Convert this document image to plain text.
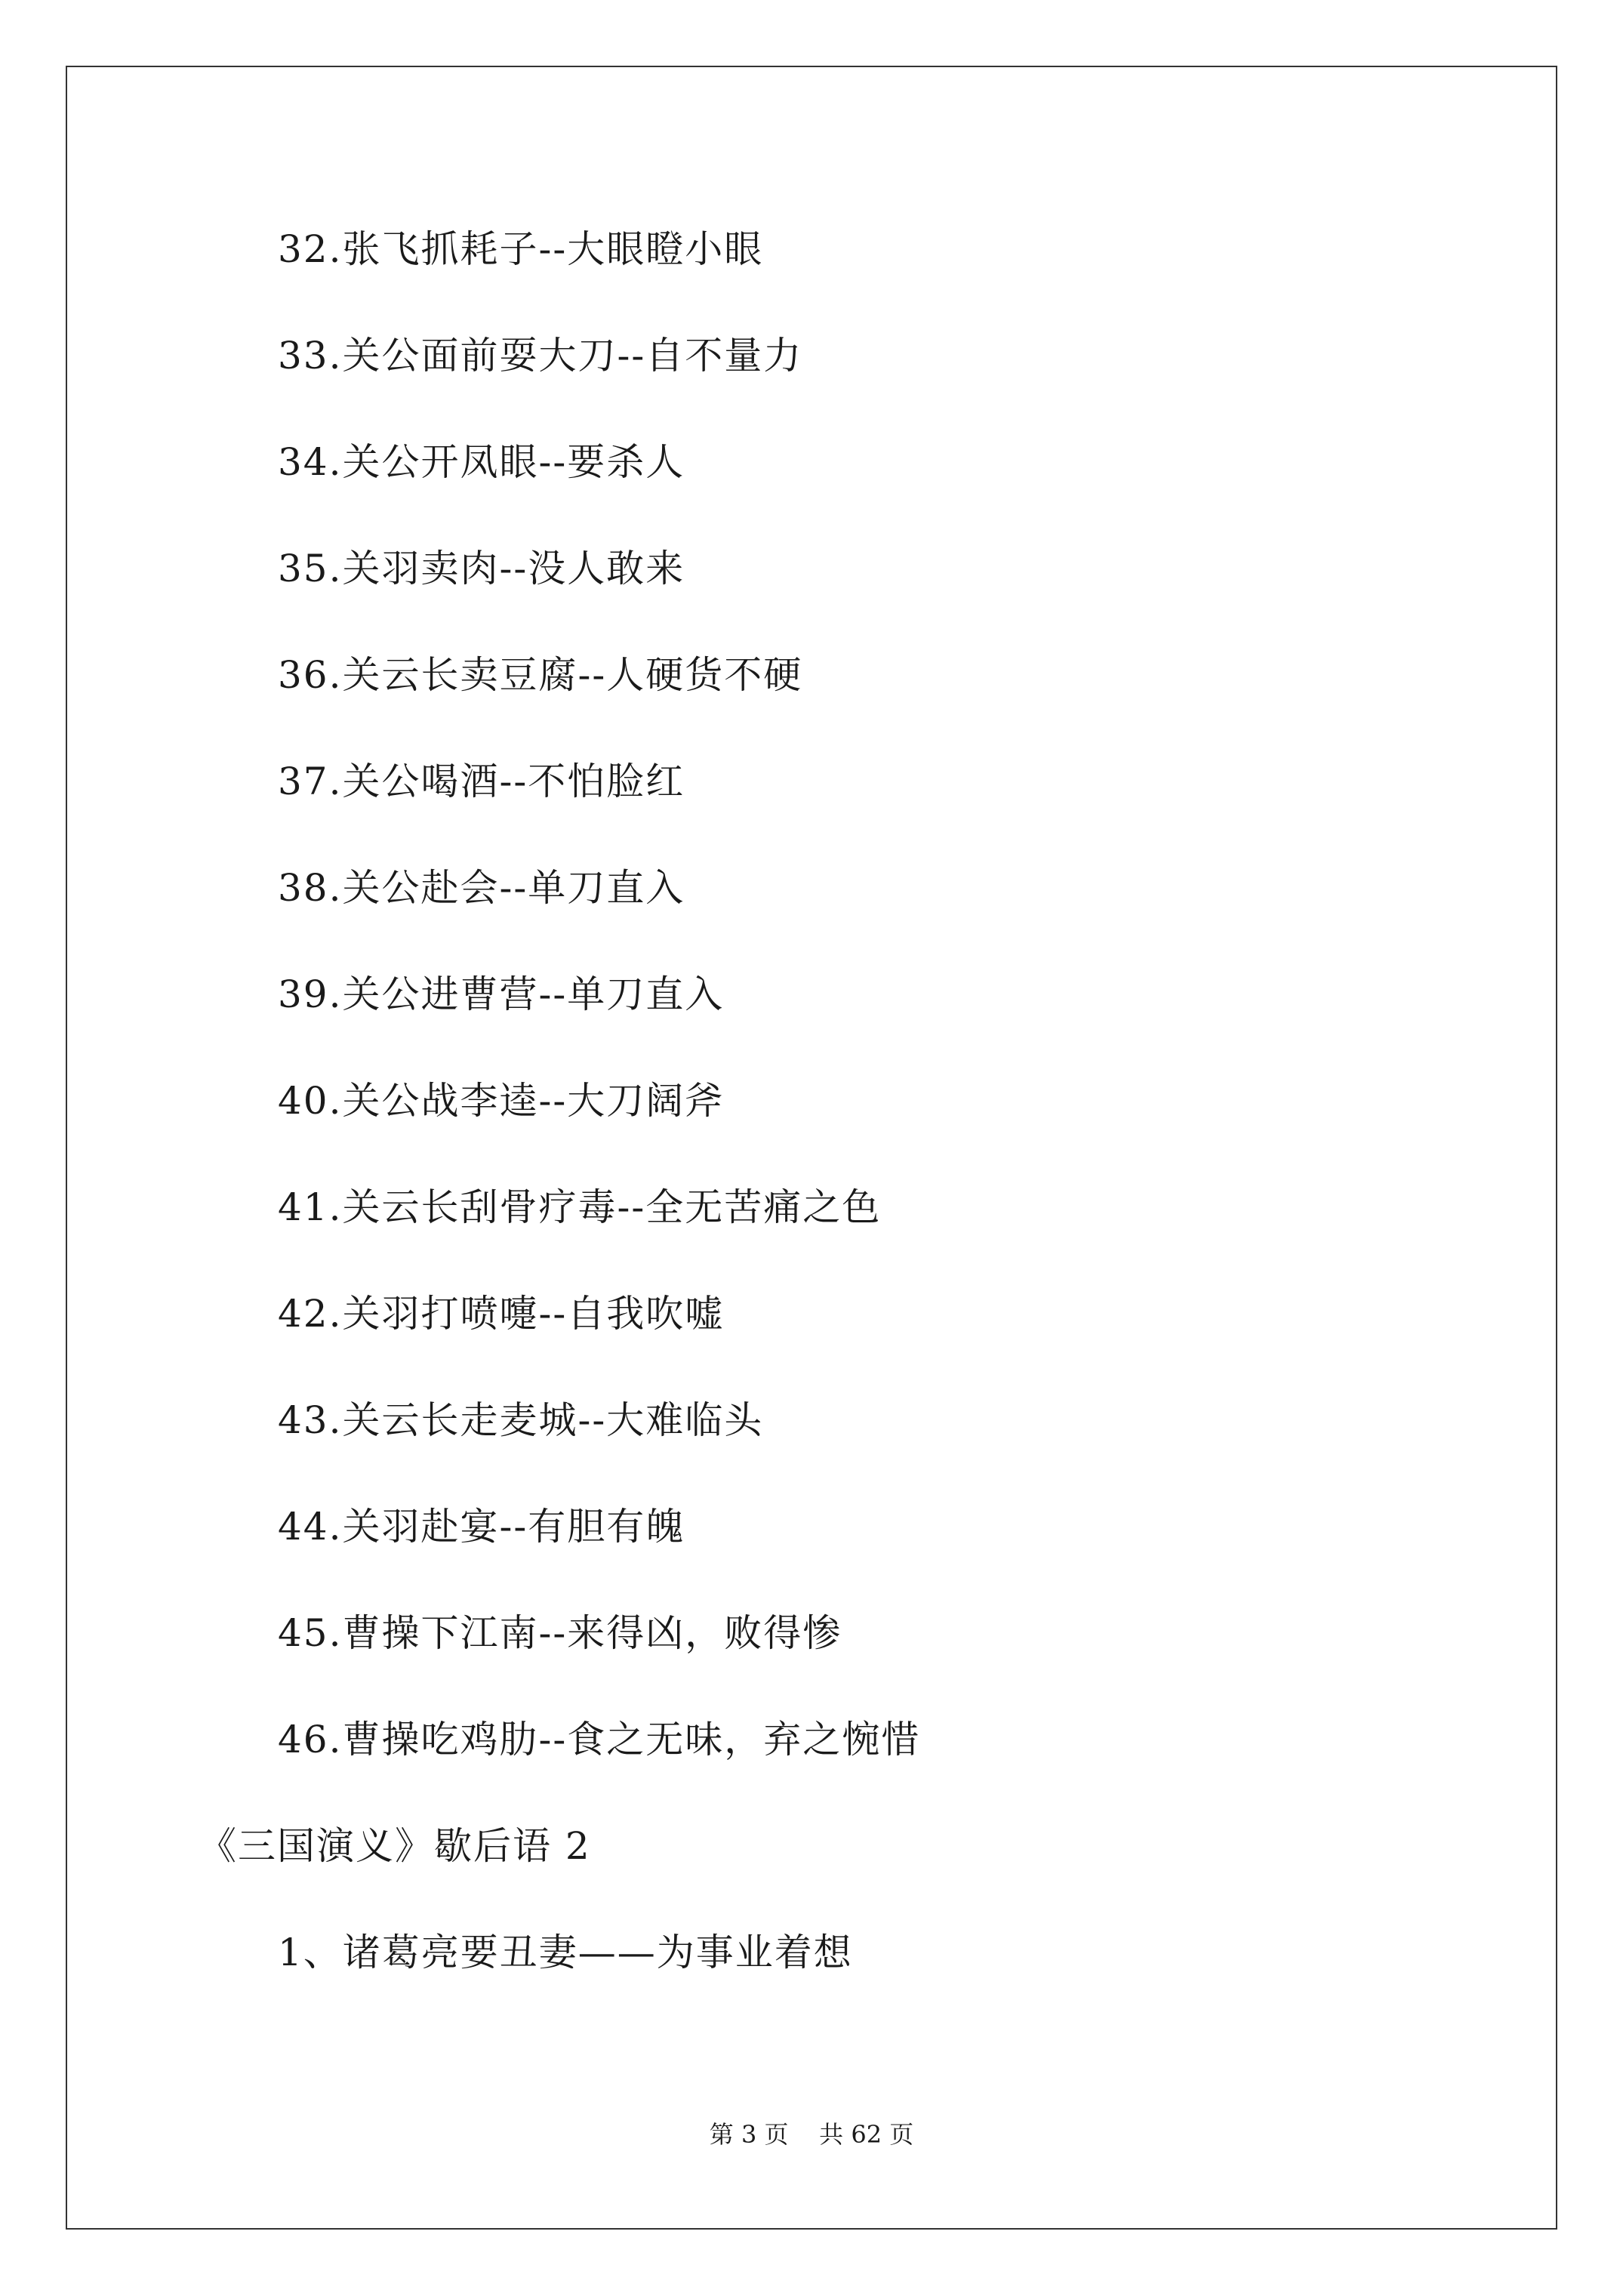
32.张飞抓耗子--大眼瞪小眼
33.关公面前耍大刀--自不量力
34.关公开凤眼--要杀人
35.关羽卖肉--没人敢来
36.关云长卖豆腐--人硬货不硬
37.关公喝酒--不怕脸红
38.关公赴会--单刀直入
39.关公进曹营--单刀直入
40.关公战李逵--大刀阔斧
41.关云长刮骨疗毒--全无苦痛之色
42.关羽打喷嚏--自我吹嘘
43.关云长走麦城--大难临头
44.关羽赴宴--有胆有魄
45.曹操下江南--来得凶，败得惨
46.曹操吃鸡肋--食之无味，弃之惋惜
《三国演义》歇后语 2
1、诸葛亮要丑妻——为事业着想
第 3 页    共 62 页
